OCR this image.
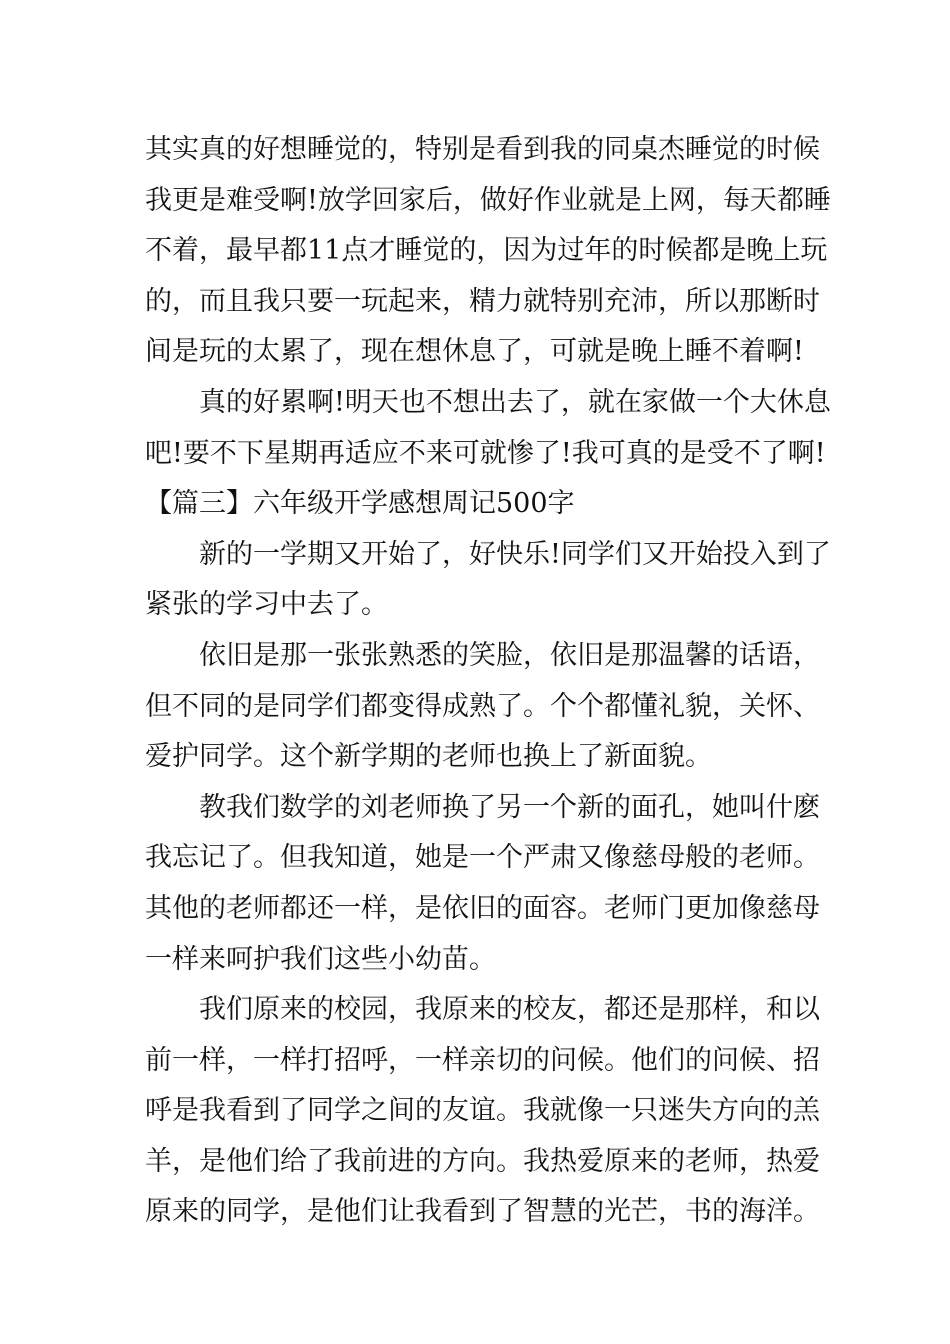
其实真的好想睡觉的，特别是看到我的同桌杰睡觉的时候
我更是难受啊!放学回家后，做好作业就是上网，每天都睡
不着，最早都11点才睡觉的，因为过年的时候都是晚上玩
的，而且我只要一玩起来，精力就特别充沛，所以那断时
间是玩的太累了，现在想休息了，可就是晚上睡不着啊!
真的好累啊!明天也不想出去了，就在家做一个大休息
吧!要不下星期再适应不来可就惨了!我可真的是受不了啊!
【篇三】六年级开学感想周记500字
新的一学期又开始了，好快乐!同学们又开始投入到了
紧张的学习中去了。
依旧是那一张张熟悉的笑脸，依旧是那温馨的话语，
但不同的是同学们都变得成熟了。个个都懂礼貌，关怀、
爱护同学。这个新学期的老师也换上了新面貌。
教我们数学的刘老师换了另一个新的面孔，她叫什麽
我忘记了。但我知道，她是一个严肃又像慈母般的老师。
其他的老师都还一样，是依旧的面容。老师门更加像慈母
一样来呵护我们这些小幼苗。
我们原来的校园，我原来的校友，都还是那样，和以
前一样，一样打招呼，一样亲切的问候。他们的问候、招
呼是我看到了同学之间的友谊。我就像一只迷失方向的羔
羊，是他们给了我前进的方向。我热爱原来的老师，热爱
原来的同学，是他们让我看到了智慧的光芒，书的海洋。
